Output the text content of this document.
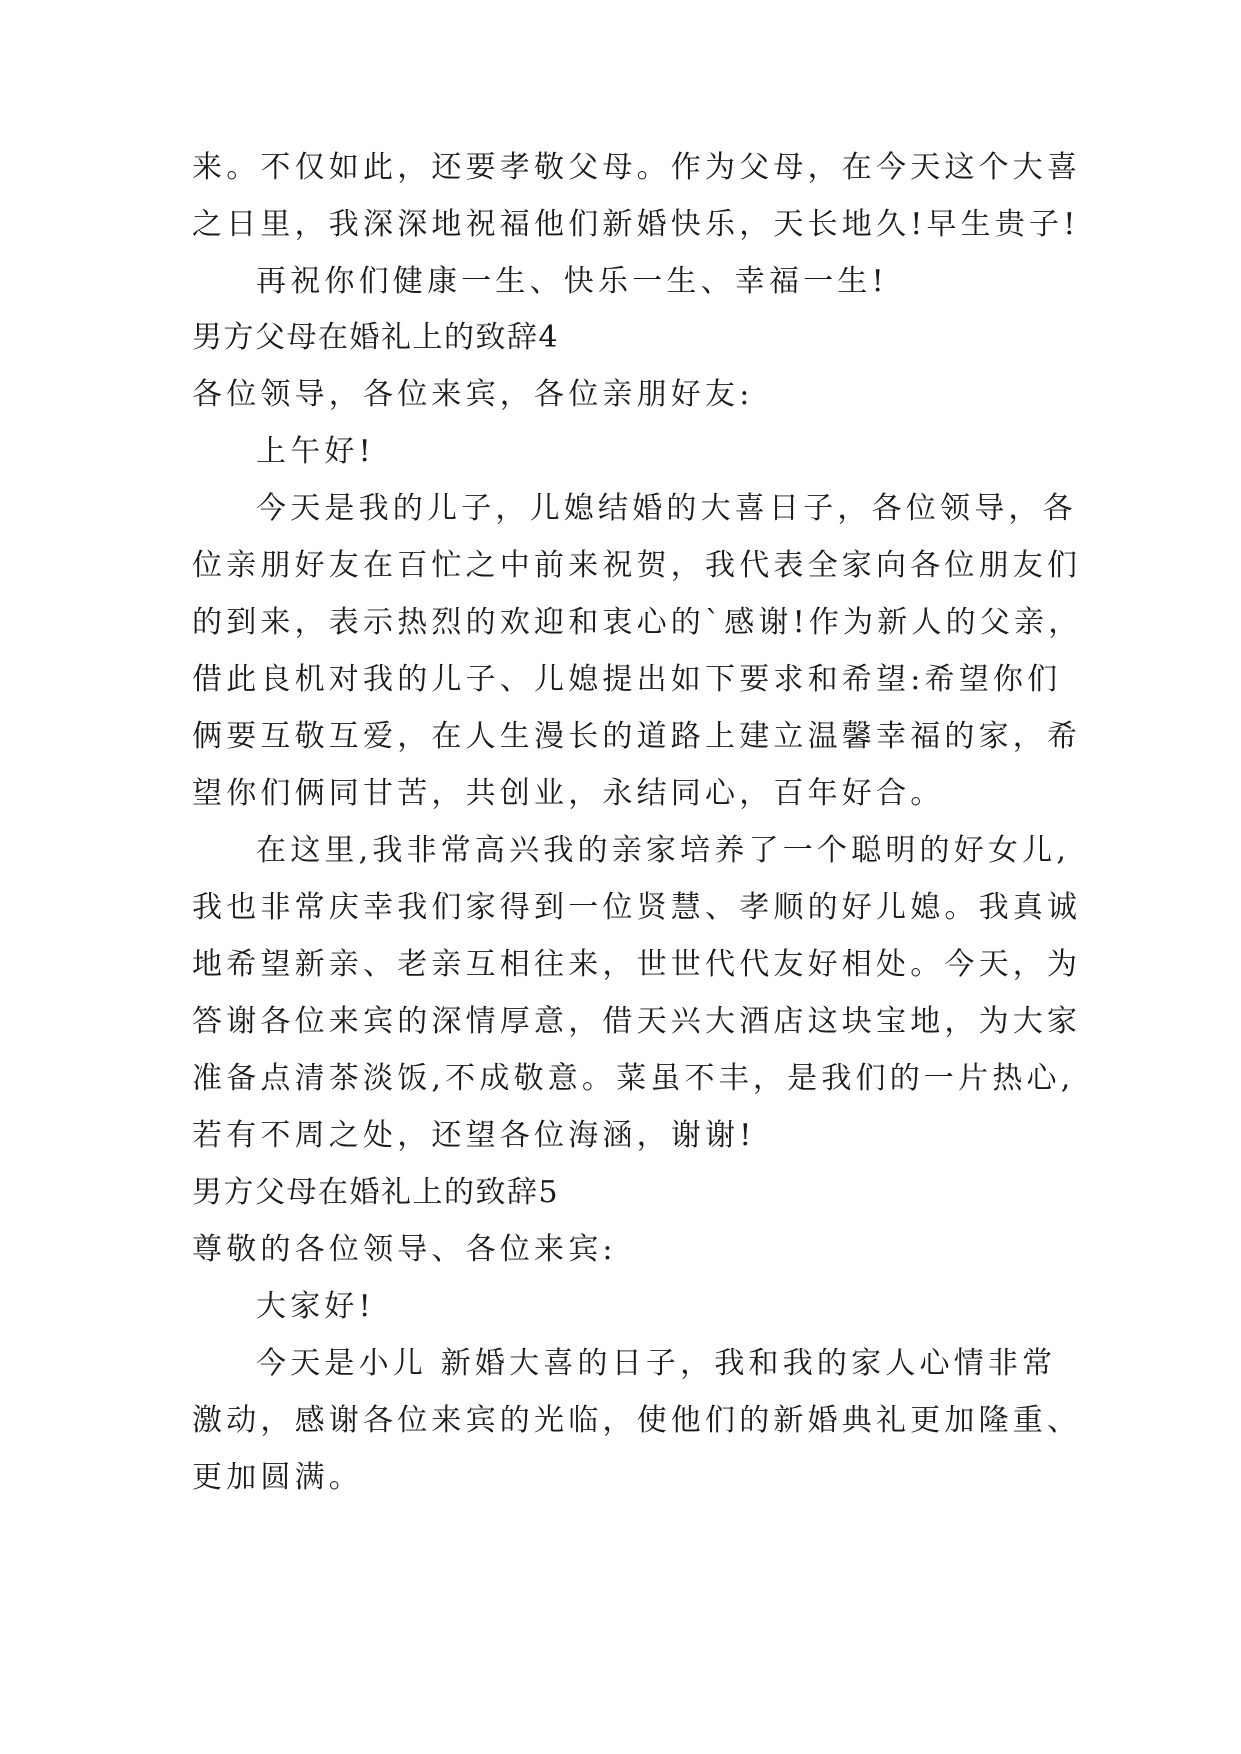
来。不仅如此，还要孝敬父母。作为父母，在今天这个大喜
之日里，我深深地祝福他们新婚快乐，天长地久!早生贵子!
再祝你们健康一生、快乐一生、幸福一生!
男方父母在婚礼上的致辞4
各位领导，各位来宾，各位亲朋好友:
上午好!
今天是我的儿子，儿媳结婚的大喜日子，各位领导，各
位亲朋好友在百忙之中前来祝贺，我代表全家向各位朋友们
的到来，表示热烈的欢迎和衷心的`感谢!作为新人的父亲，
借此良机对我的儿子、儿媳提出如下要求和希望:希望你们
俩要互敬互爱，在人生漫长的道路上建立温馨幸福的家，希
望你们俩同甘苦，共创业，永结同心，百年好合。
在这里,我非常高兴我的亲家培养了一个聪明的好女儿,
我也非常庆幸我们家得到一位贤慧、孝顺的好儿媳。我真诚
地希望新亲、老亲互相往来，世世代代友好相处。今天，为
答谢各位来宾的深情厚意，借天兴大酒店这块宝地，为大家
准备点清茶淡饭,不成敬意。菜虽不丰，是我们的一片热心,
若有不周之处，还望各位海涵，谢谢!
男方父母在婚礼上的致辞5
尊敬的各位领导、各位来宾:
大家好!
今天是小儿 新婚大喜的日子，我和我的家人心情非常
激动，感谢各位来宾的光临，使他们的新婚典礼更加隆重、
更加圆满。
